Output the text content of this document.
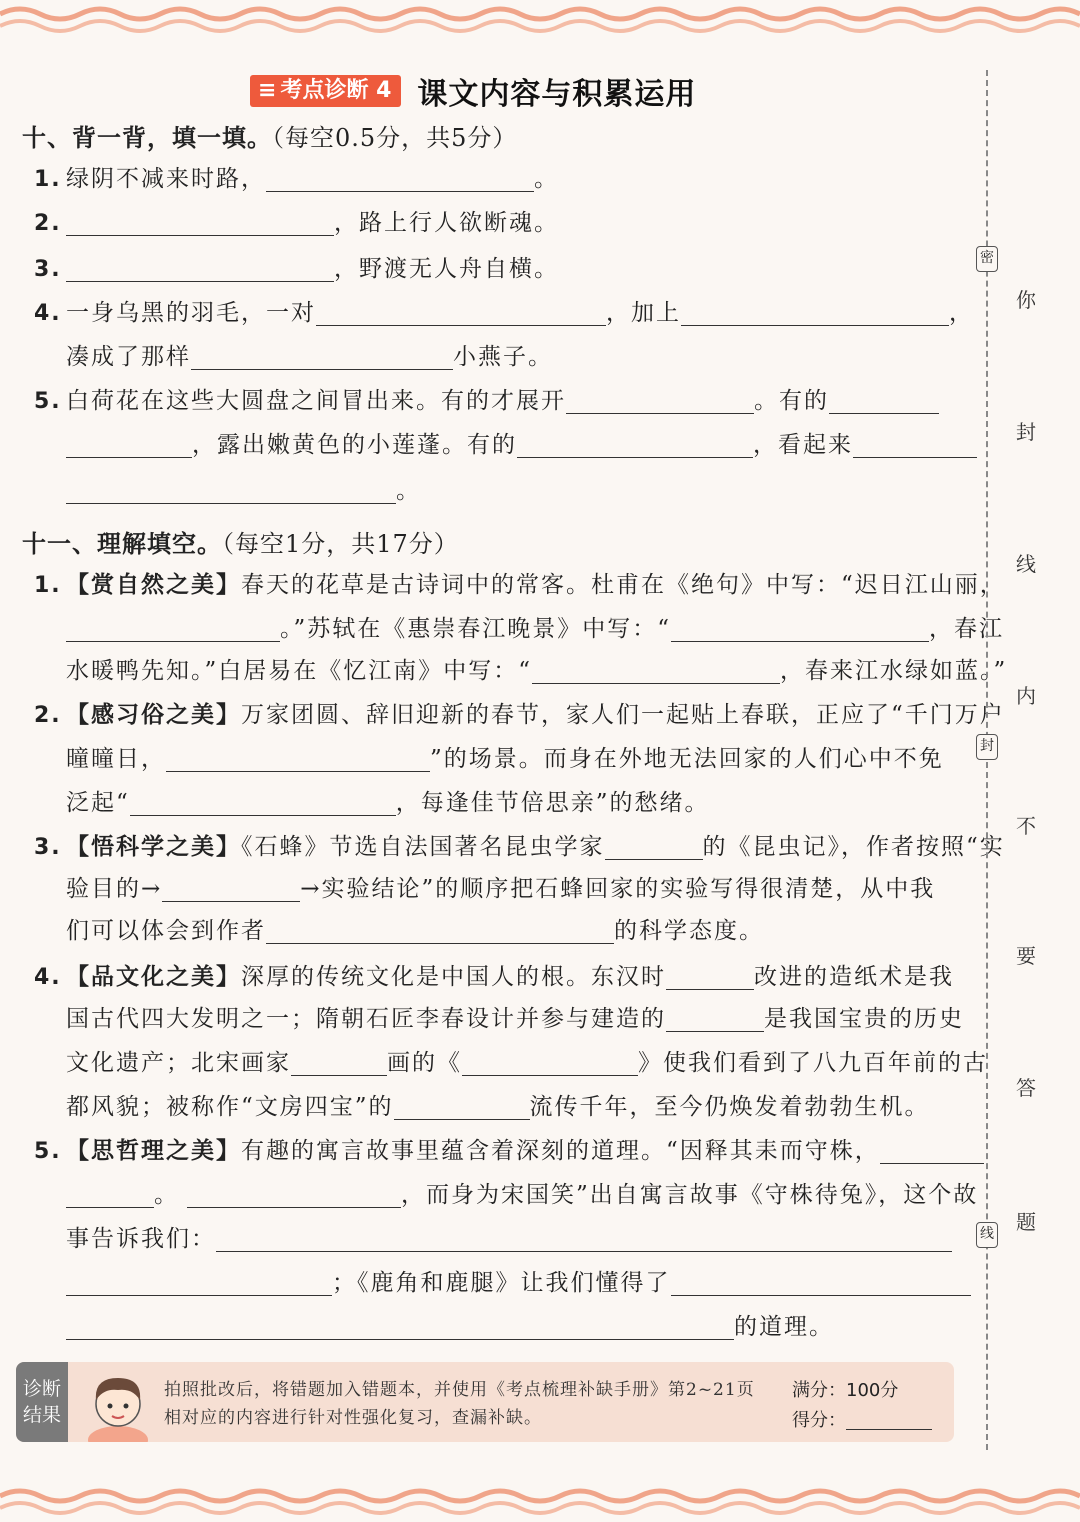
≡ 考点诊断 4 课文内容与积累运用
十、背一背，填一填。（每空0.5分，共5分）
1. 绿阴不减来时路，	。
2.	，路上行人欲断魂。
3.	，野渡无人舟自横。
4. 一身乌黑的羽毛，一对	，加上	，
凑成了那样	小燕子。
5. 白荷花在这些大圆盘之间冒出来。有的才展开	。有的
，露出嫩黄色的小莲蓬。有的	，看起来
。
十一、理解填空。（每空1分，共17分）
1. 【赏自然之美】春天的花草是古诗词中的常客。杜甫在《绝句》中写：“迟日江山丽，
。”苏轼在《惠崇春江晚景》中写：“	，春江
水暖鸭先知。”白居易在《忆江南》中写：“	，春来江水绿如蓝。”
2. 【感习俗之美】万家团圆、辞旧迎新的春节，家人们一起贴上春联，正应了“千门万户
曈曈日，	”的场景。而身在外地无法回家的人们心中不免
泛起“	，每逢佳节倍思亲”的愁绪。
3. 【悟科学之美】《石蜂》节选自法国著名昆虫学家	的《昆虫记》，作者按照“实
验目的→	→实验结论”的顺序把石蜂回家的实验写得很清楚，从中我
们可以体会到作者	的科学态度。
4. 【品文化之美】深厚的传统文化是中国人的根。东汉时	改进的造纸术是我
国古代四大发明之一；隋朝石匠李春设计并参与建造的	是我国宝贵的历史
文化遗产；北宋画家	画的《	》使我们看到了八九百年前的古
都风貌；被称作“文房四宝”的	流传千年，至今仍焕发着勃勃生机。
5. 【思哲理之美】有趣的寓言故事里蕴含着深刻的道理。“因释其耒而守株，
。	，而身为宋国笑”出自寓言故事《守株待兔》，这个故
事告诉我们：
；《鹿角和鹿腿》让我们懂得了
的道理。
密
封
线
你
封
线
内
不
要
答
题
诊断
结果
拍照批改后，将错题加入错题本，并使用《考点梳理补缺手册》第2~21页
相对应的内容进行针对性强化复习，查漏补缺。
满分：100分
得分：
